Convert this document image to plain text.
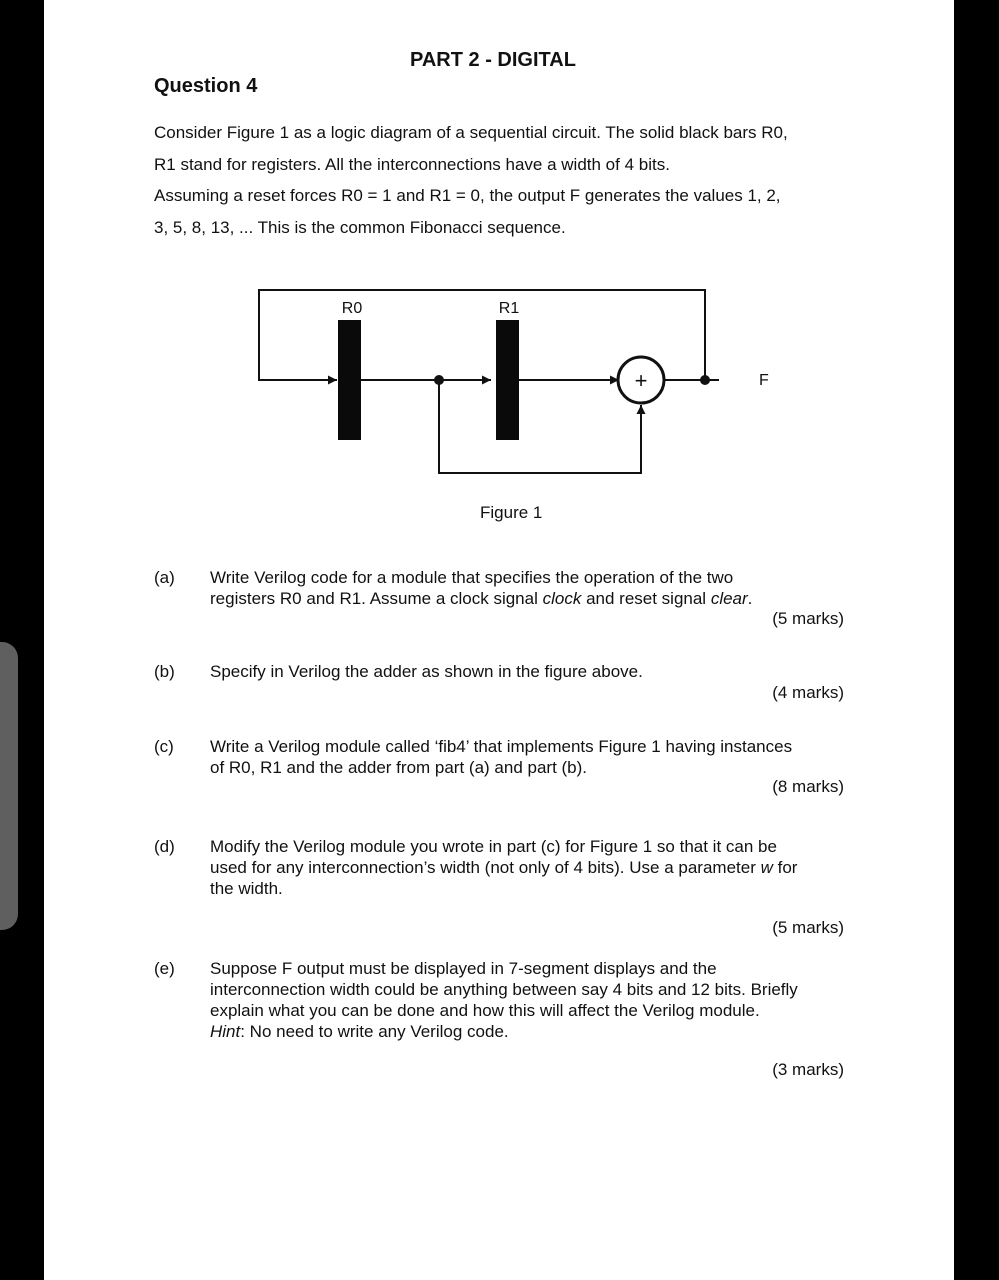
PART 2 - DIGITAL
Question 4
Consider Figure 1 as a logic diagram of a sequential circuit. The solid black bars R0,
R1 stand for registers. All the interconnections have a width of 4 bits.
Assuming a reset forces R0 = 1 and R1 = 0, the output F generates the values 1, 2,
3, 5, 8, 13, ... This is the common Fibonacci sequence.
R0	R1
+	F
Figure 1
(a) Write Verilog code for a module that specifies the operation of the two
registers R0 and R1. Assume a clock signal clock and reset signal clear.
(5 marks)
(b) Specify in Verilog the adder as shown in the figure above.
(4 marks)
(c) Write a Verilog module called ‘fib4’ that implements Figure 1 having instances
of R0, R1 and the adder from part (a) and part (b).
(8 marks)
(d) Modify the Verilog module you wrote in part (c) for Figure 1 so that it can be
used for any interconnection’s width (not only of 4 bits). Use a parameter w for
the width.
(5 marks)
(e) Suppose F output must be displayed in 7-segment displays and the
interconnection width could be anything between say 4 bits and 12 bits. Briefly
explain what you can be done and how this will affect the Verilog module.
Hint: No need to write any Verilog code.
(3 marks)
